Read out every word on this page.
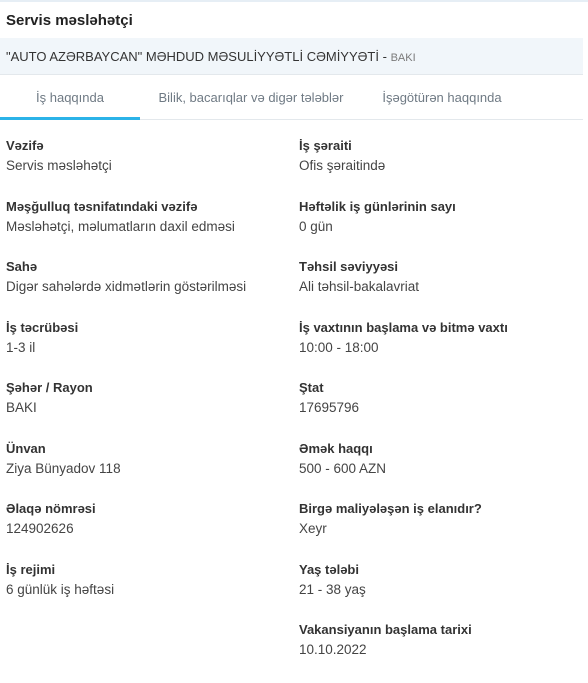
Servis məsləhətçi
"AUTO AZƏRBAYCAN" MƏHDUD MƏSULİYYƏTLİ CƏMİYYƏTİ - BAKI
İş haqqında	Bilik, bacarıqlar və digər tələblər	İşəgötürən haqqında
Vəzifə
Servis məsləhətçi
Məşğulluq təsnifatındaki vəzifə
Məsləhətçi, məlumatların daxil edməsi
Sahə
Digər sahələrdə xidmətlərin göstərilməsi
İş təcrübəsi
1-3 il
Şəhər / Rayon
BAKI
Ünvan
Ziya Bünyadov 118
Əlaqə nömrəsi
124902626
İş rejimi
6 günlük iş həftəsi
İş şəraiti
Ofis şəraitində
Həftəlik iş günlərinin sayı
0 gün
Təhsil səviyyəsi
Ali təhsil-bakalavriat
İş vaxtının başlama və bitmə vaxtı
10:00 - 18:00
Ştat
17695796
Əmək haqqı
500 - 600 AZN
Birgə maliyələşən iş elanıdır?
Xeyr
Yaş tələbi
21 - 38 yaş
Vakansiyanın başlama tarixi
10.10.2022
